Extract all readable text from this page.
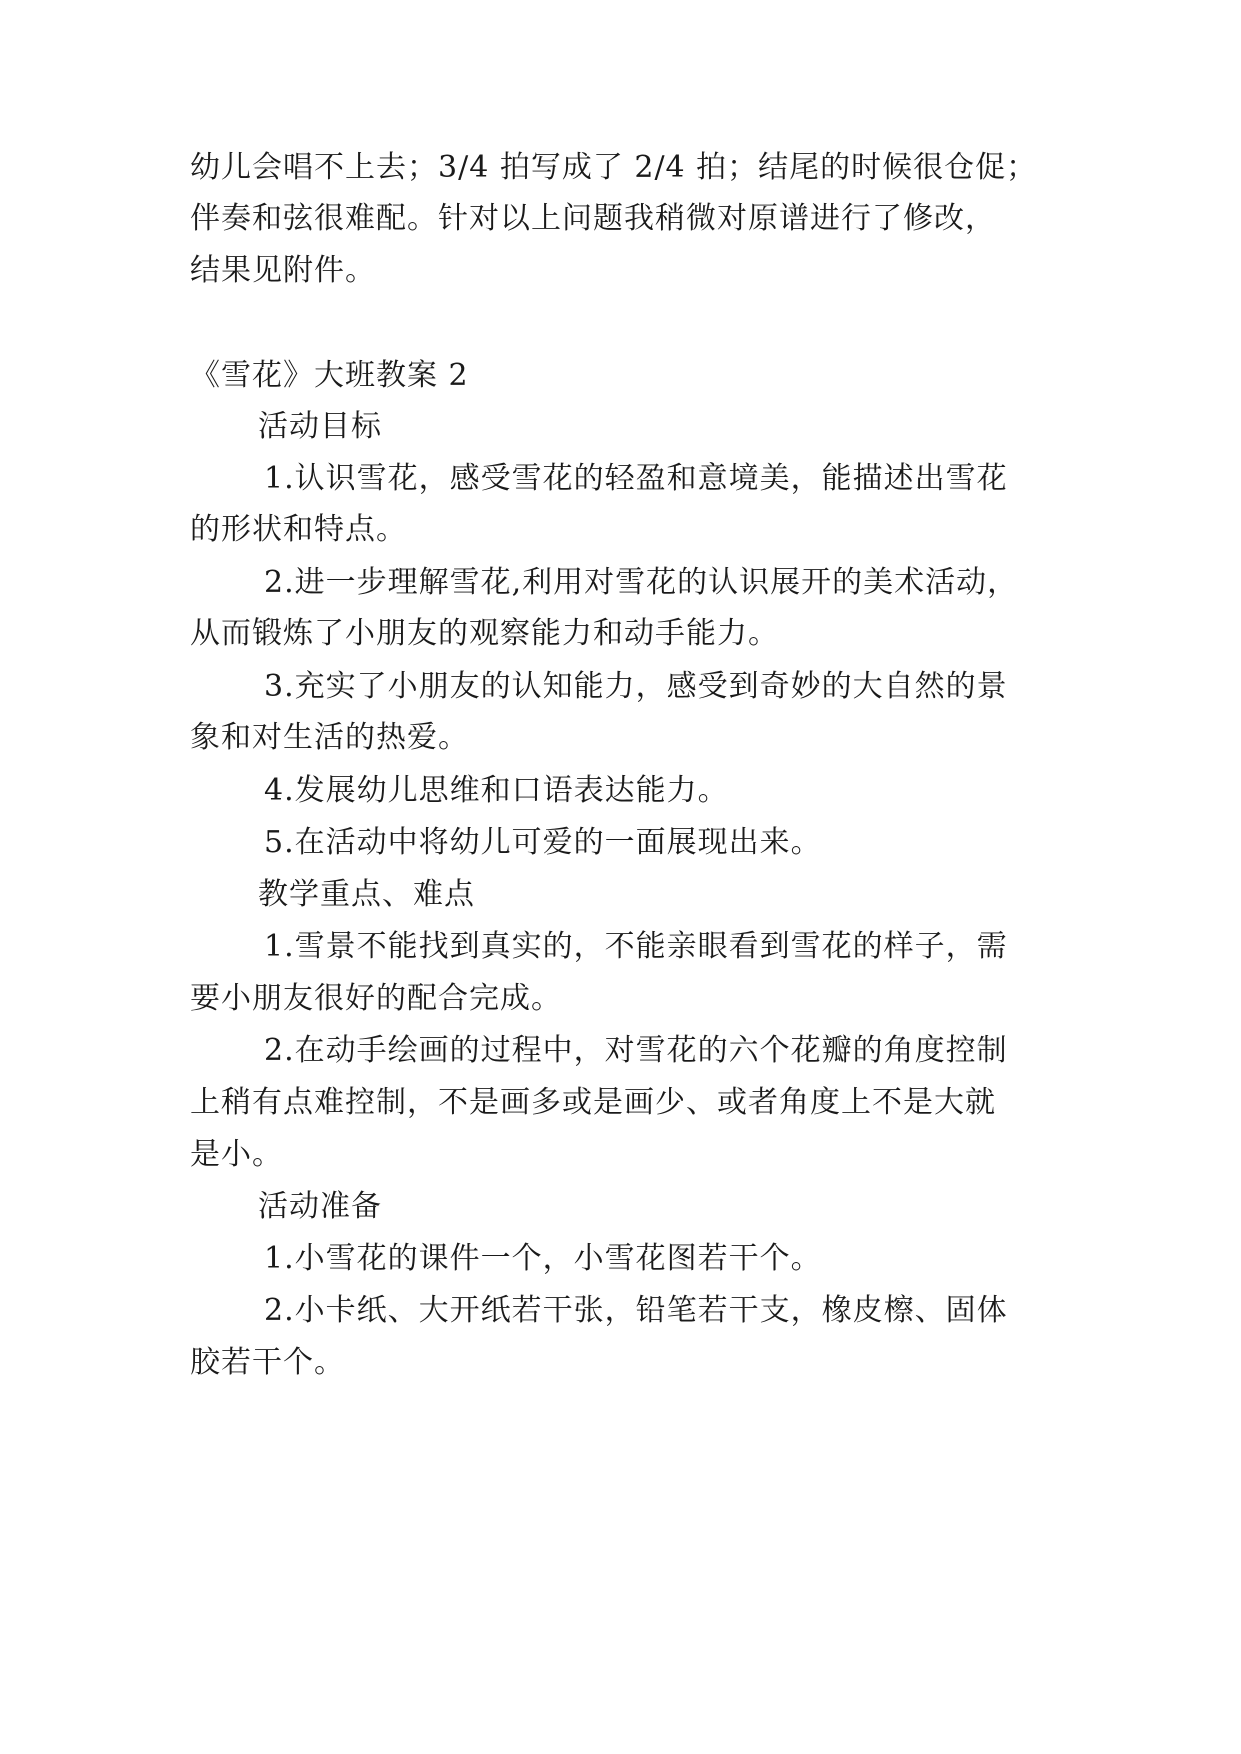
幼儿会唱不上去；3/4 拍写成了 2/4 拍；结尾的时候很仓促；

伴奏和弦很难配。针对以上问题我稍微对原谱进行了修改，

结果见附件。

《雪花》大班教案 2

活动目标

1.认识雪花，感受雪花的轻盈和意境美，能描述出雪花

的形状和特点。

2.进一步理解雪花,利用对雪花的认识展开的美术活动，

从而锻炼了小朋友的观察能力和动手能力。

3.充实了小朋友的认知能力，感受到奇妙的大自然的景

象和对生活的热爱。

4.发展幼儿思维和口语表达能力。

5.在活动中将幼儿可爱的一面展现出来。

教学重点、难点

1.雪景不能找到真实的，不能亲眼看到雪花的样子，需

要小朋友很好的配合完成。

2.在动手绘画的过程中，对雪花的六个花瓣的角度控制

上稍有点难控制，不是画多或是画少、或者角度上不是大就

是小。

活动准备

1.小雪花的课件一个，小雪花图若干个。

2.小卡纸、大开纸若干张，铅笔若干支，橡皮檫、固体

胶若干个。
